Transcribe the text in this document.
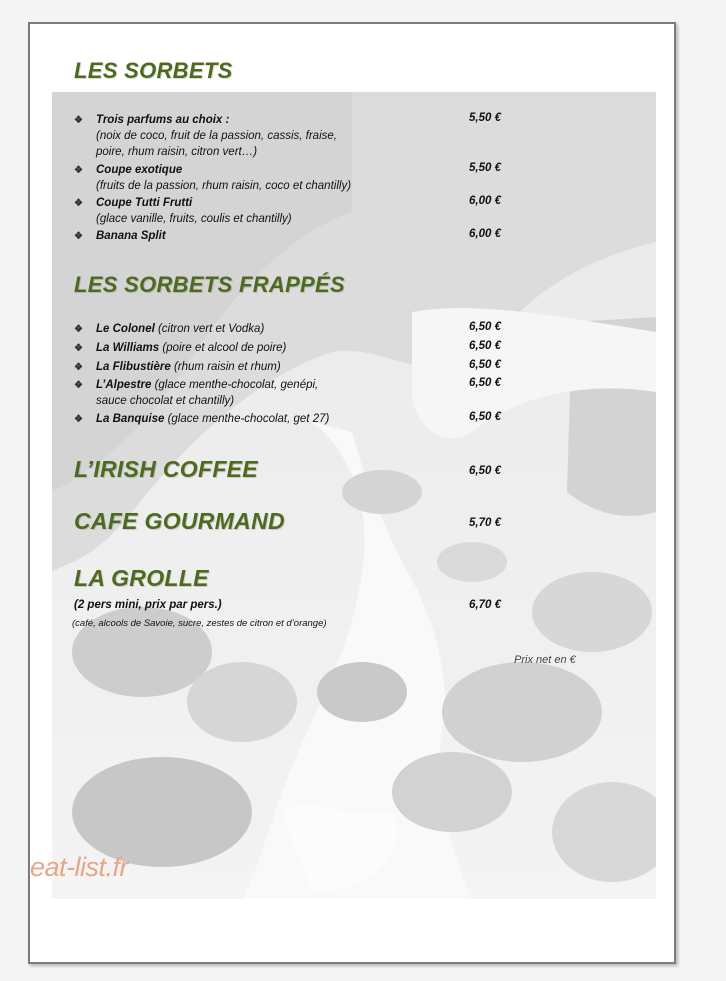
LES SORBETS
❖ Trois parfums au choix :
(noix de coco, fruit de la passion, cassis, fraise,
poire, rhum raisin, citron vert…)
5,50 €
❖ Coupe exotique
(fruits de la passion, rhum raisin, coco et chantilly)
5,50 €
❖ Coupe Tutti Frutti
(glace vanille, fruits, coulis et chantilly)
6,00 €
❖ Banana Split	6,00 €
LES SORBETS FRAPPÉS
❖ Le Colonel (citron vert et Vodka)	6,50 €
❖ La Williams (poire et alcool de poire)	6,50 €
❖ La Flibustière (rhum raisin et rhum)	6,50 €
❖ L’Alpestre (glace menthe-chocolat, genépi,
sauce chocolat et chantilly)
6,50 €
❖ La Banquise (glace menthe-chocolat, get 27)	6,50 €
L’IRISH COFFEE	6,50 €
CAFE GOURMAND	5,70 €
LA GROLLE
(2 pers mini, prix par pers.)	6,70 €
(café, alcools de Savoie, sucre, zestes de citron et d’orange)
Prix net en €
eat-list.fr
